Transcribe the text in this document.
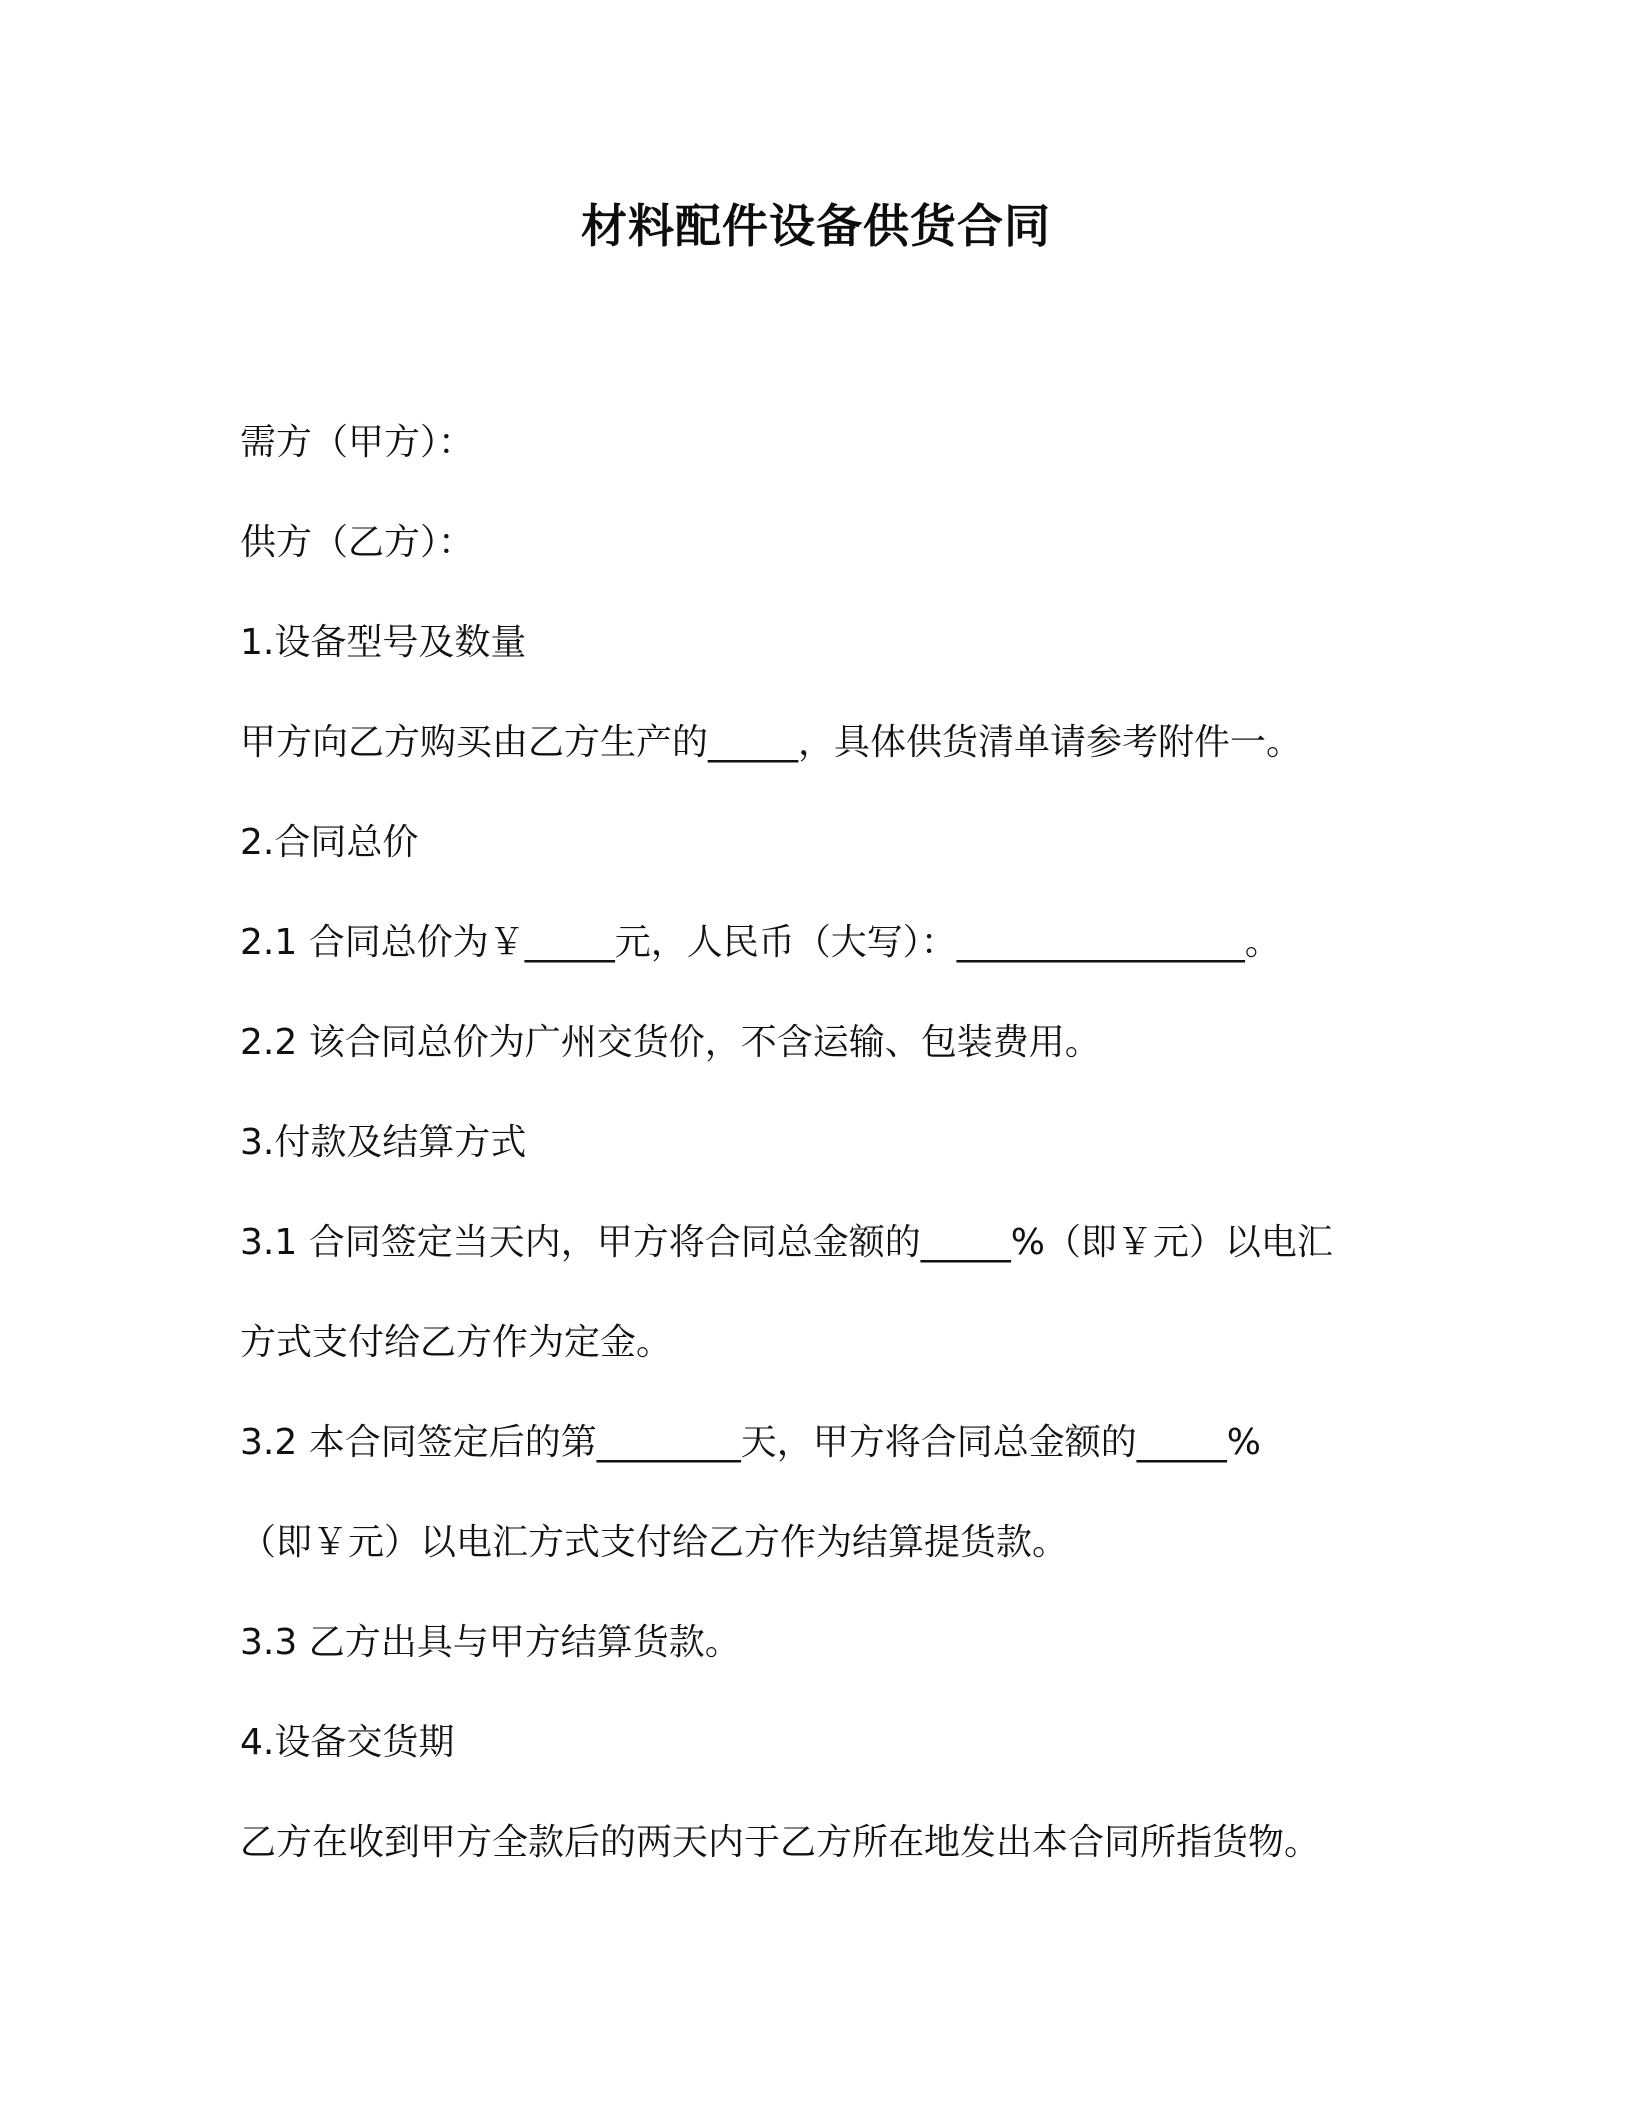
材料配件设备供货合同
需方（甲方）：
供方（乙方）：
1.设备型号及数量
甲方向乙方购买由乙方生产的_____，具体供货清单请参考附件一。
2.合同总价
2.1 合同总价为￥_____元，人民币（大写）：________________。
2.2 该合同总价为广州交货价，不含运输、包装费用。
3.付款及结算方式
3.1 合同签定当天内，甲方将合同总金额的_____%（即￥元）以电汇
方式支付给乙方作为定金。
3.2 本合同签定后的第________天，甲方将合同总金额的_____%
（即￥元）以电汇方式支付给乙方作为结算提货款。
3.3 乙方出具与甲方结算货款。
4.设备交货期
乙方在收到甲方全款后的两天内于乙方所在地发出本合同所指货物。
